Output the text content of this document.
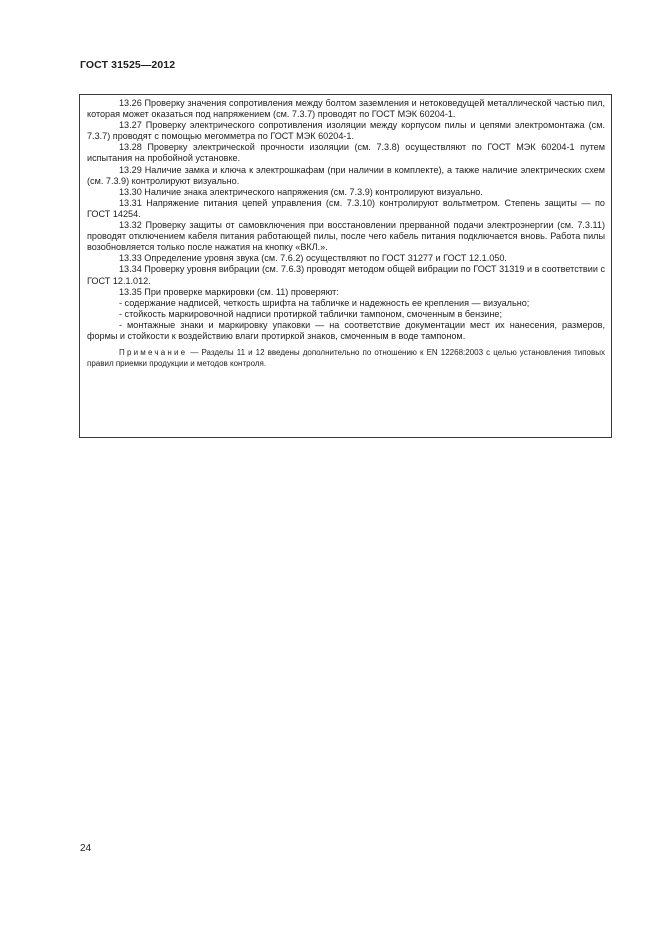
ГОСТ 31525—2012

13.26 Проверку значения сопротивления между болтом заземления и нетоковедущей металлической частью пил, которая может оказаться под напряжением (см. 7.3.7) проводят по ГОСТ МЭК 60204-1.

13.27 Проверку электрического сопротивления изоляции между корпусом пилы и цепями электромонтажа (см. 7.3.7) проводят с помощью мегомметра по ГОСТ МЭК 60204-1.

13.28 Проверку электрической прочности изоляции (см. 7.3.8) осуществляют по ГОСТ МЭК 60204-1 путем испытания на пробойной установке.

13.29 Наличие замка и ключа к электрошкафам (при наличии в комплекте), а также наличие электрических схем (см. 7.3.9) контролируют визуально.

13.30 Наличие знака электрического напряжения (см. 7.3.9) контролируют визуально.

13.31 Напряжение питания цепей управления (см. 7.3.10) контролируют вольтметром. Степень защиты — по ГОСТ 14254.

13.32 Проверку защиты от самовключения при восстановлении прерванной подачи электроэнергии (см. 7.3.11) проводят отключением кабеля питания работающей пилы, после чего кабель питания подключается вновь. Работа пилы возобновляется только после нажатия на кнопку «ВКЛ.».

13.33 Определение уровня звука (см. 7.6.2) осуществляют по ГОСТ 31277 и ГОСТ 12.1.050.

13.34 Проверку уровня вибрации (см. 7.6.3) проводят методом общей вибрации по ГОСТ 31319 и в соответствии с ГОСТ 12.1.012.

13.35 При проверке маркировки (см. 11) проверяют:

- содержание надписей, четкость шрифта на табличке и надежность ее крепления — визуально;

- стойкость маркировочной надписи протиркой таблички тампоном, смоченным в бензине;

- монтажные знаки и маркировку упаковки — на соответствие документации мест их нанесения, размеров, формы и стойкости к воздействию влаги протиркой знаков, смоченным в воде тампоном.

Примечание — Разделы 11 и 12 введены дополнительно по отношению к EN 12268:2003 с целью установления типовых правил приемки продукции и методов контроля.

24
